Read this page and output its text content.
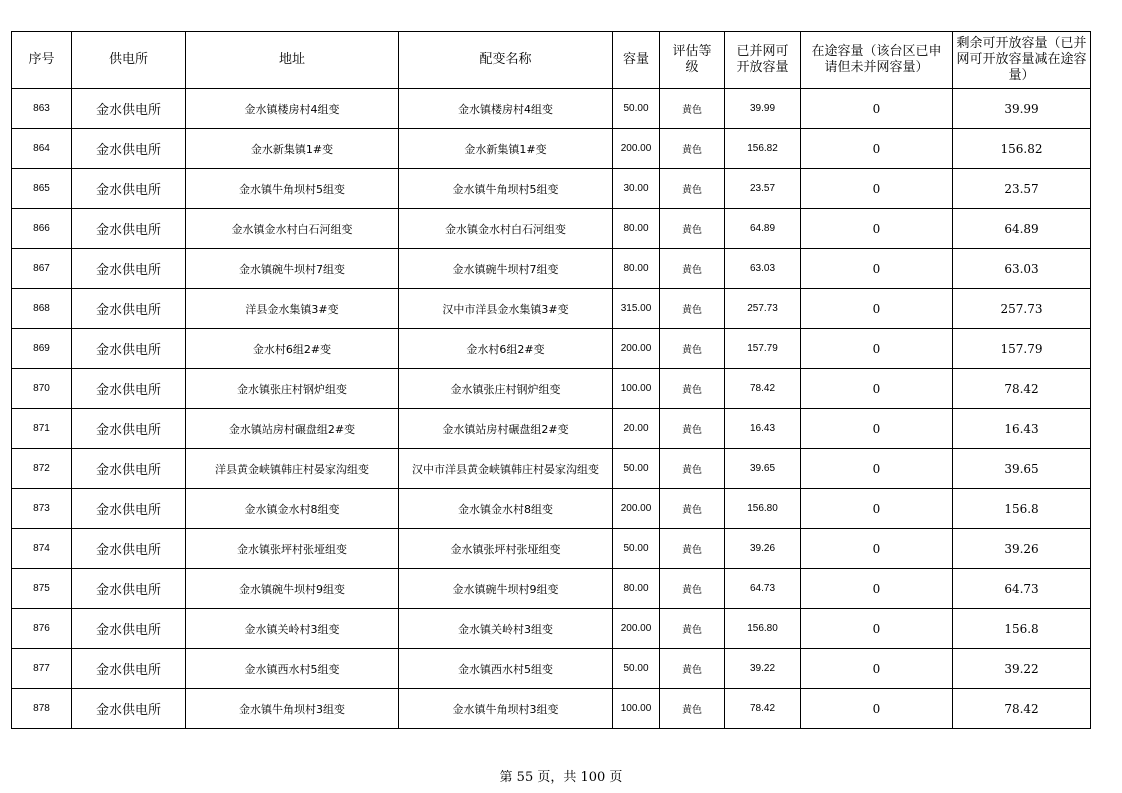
序号	供电所	地址	配变名称	容量	评估等级	已并网可开放容量	在途容量（该台区已申请但未并网容量）	剩余可开放容量（已并网可开放容量减在途容量）
863	金水供电所	金水镇楼房村4组变	金水镇楼房村4组变	50.00	黄色	39.99	0	39.99
864	金水供电所	金水新集镇1#变	金水新集镇1#变	200.00	黄色	156.82	0	156.82
865	金水供电所	金水镇牛角坝村5组变	金水镇牛角坝村5组变	30.00	黄色	23.57	0	23.57
866	金水供电所	金水镇金水村白石河组变	金水镇金水村白石河组变	80.00	黄色	64.89	0	64.89
867	金水供电所	金水镇碗牛坝村7组变	金水镇碗牛坝村7组变	80.00	黄色	63.03	0	63.03
868	金水供电所	洋县金水集镇3#变	汉中市洋县金水集镇3#变	315.00	黄色	257.73	0	257.73
869	金水供电所	金水村6组2#变	金水村6组2#变	200.00	黄色	157.79	0	157.79
870	金水供电所	金水镇张庄村钢炉组变	金水镇张庄村钢炉组变	100.00	黄色	78.42	0	78.42
871	金水供电所	金水镇站房村碾盘组2#变	金水镇站房村碾盘组2#变	20.00	黄色	16.43	0	16.43
872	金水供电所	洋县黄金峡镇韩庄村晏家沟组变	汉中市洋县黄金峡镇韩庄村晏家沟组变	50.00	黄色	39.65	0	39.65
873	金水供电所	金水镇金水村8组变	金水镇金水村8组变	200.00	黄色	156.80	0	156.8
874	金水供电所	金水镇张坪村张垭组变	金水镇张坪村张垭组变	50.00	黄色	39.26	0	39.26
875	金水供电所	金水镇碗牛坝村9组变	金水镇碗牛坝村9组变	80.00	黄色	64.73	0	64.73
876	金水供电所	金水镇关岭村3组变	金水镇关岭村3组变	200.00	黄色	156.80	0	156.8
877	金水供电所	金水镇西水村5组变	金水镇西水村5组变	50.00	黄色	39.22	0	39.22
878	金水供电所	金水镇牛角坝村3组变	金水镇牛角坝村3组变	100.00	黄色	78.42	0	78.42
第 55 页，共 100 页
